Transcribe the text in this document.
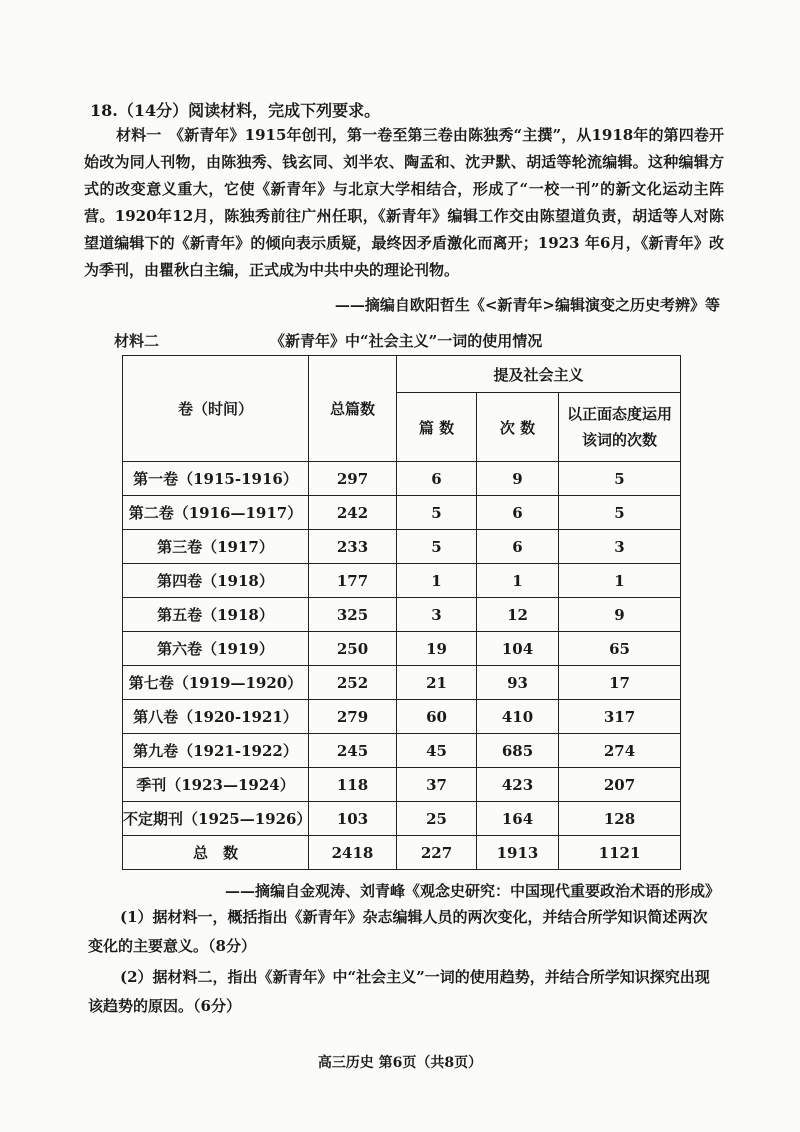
18.（14分）阅读材料，完成下列要求。

材料一　《新青年》1915年创刊，第一卷至第三卷由陈独秀“主撰”，从1918年的第四卷开始改为同人刊物，由陈独秀、钱玄同、刘半农、陶孟和、沈尹默、胡适等轮流编辑。这种编辑方式的改变意义重大，它使《新青年》与北京大学相结合，形成了“一校一刊”的新文化运动主阵营。1920年12月，陈独秀前往广州任职，《新青年》编辑工作交由陈望道负责，胡适等人对陈望道编辑下的《新青年》的倾向表示质疑，最终因矛盾激化而离开；1923 年6月，《新青年》改为季刊，由瞿秋白主编，正式成为中共中央的理论刊物。

——摘编自欧阳哲生《<新青年>编辑演变之历史考辨》等
材料二	《新青年》中“社会主义”一词的使用情况
卷（时间）	总篇数	提及社会主义		
		篇 数	次 数	以正面态度运用该词的次数
第一卷（1915-1916）	297	6	9	5
第二卷（1916—1917）	242	5	6	5
第三卷（1917）	233	5	6	3
第四卷（1918）	177	1	1	1
第五卷（1918）	325	3	12	9
第六卷（1919）	250	19	104	65
第七卷（1919—1920）	252	21	93	17
第八卷（1920-1921）	279	60	410	317
第九卷（1921-1922）	245	45	685	274
季刊（1923—1924）	118	37	423	207
不定期刊（1925—1926）	103	25	164	128
总　数	2418	227	1913	1121
——摘编自金观涛、刘青峰《观念史研究：中国现代重要政治术语的形成》

(1）据材料一，概括指出《新青年》杂志编辑人员的两次变化，并结合所学知识简述两次变化的主要意义。（8分）

(2）据材料二，指出《新青年》中“社会主义”一词的使用趋势，并结合所学知识探究出现该趋势的原因。（6分）

高三历史 第6页（共8页）
